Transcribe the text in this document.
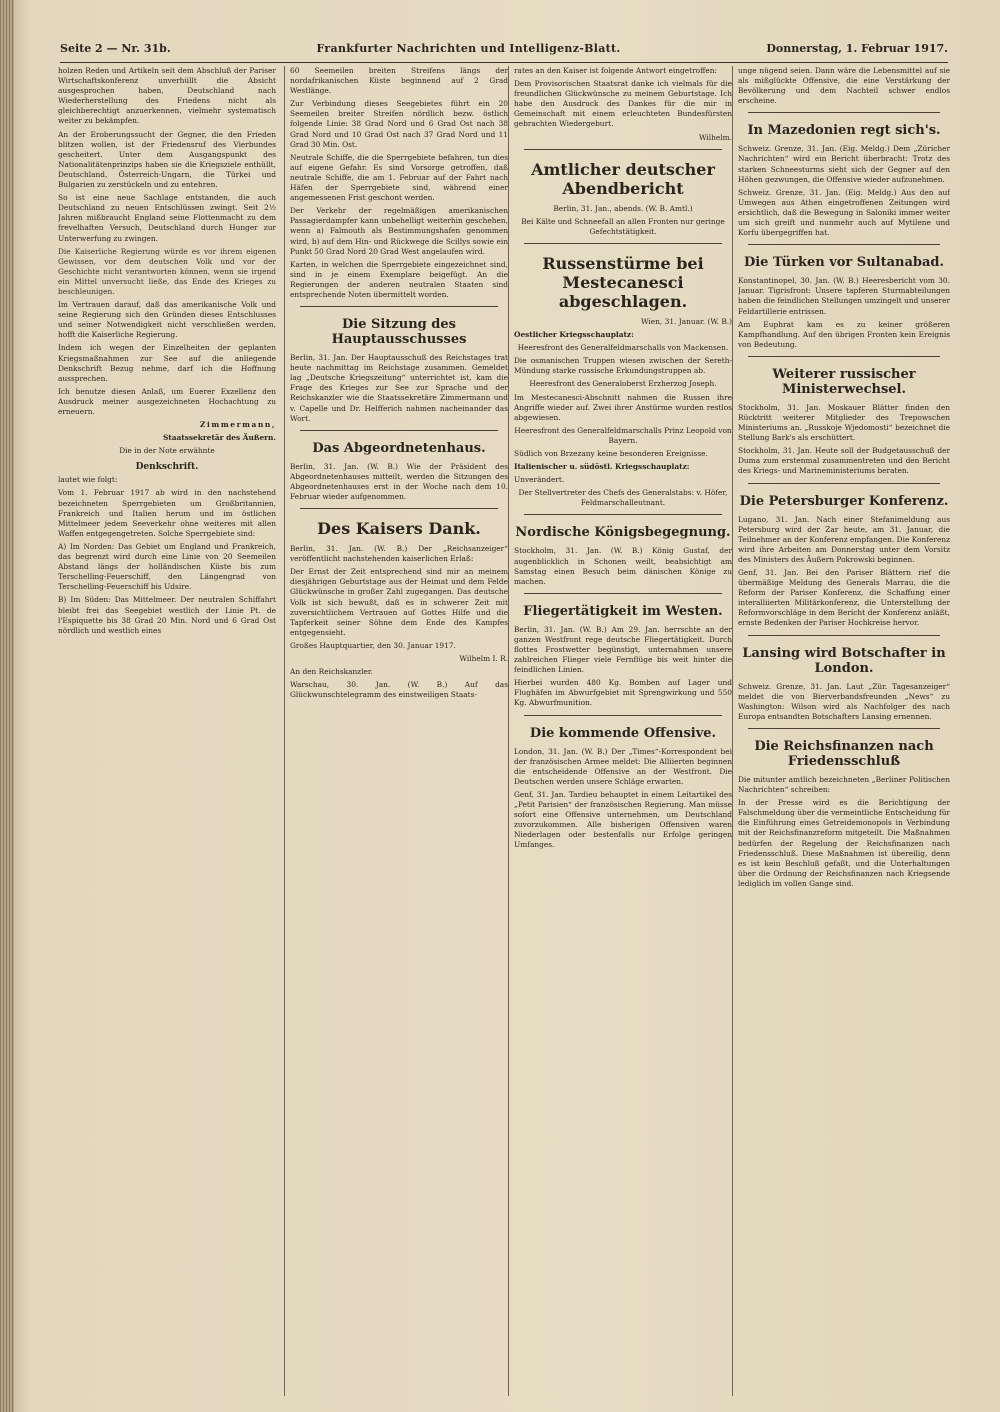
Seite 2 — Nr. 31b.	Frankfurter Nachrichten und Intelligenz-Blatt.	Donnerstag, 1. Februar 1917.

holzen Reden und Artikeln seit dem Abschluß der Pariser Wirtschaftskonferenz unverhüllt die Absicht ausgesprochen haben, Deutschland nach Wiederherstellung des Friedens nicht als gleichberechtigt anzuerkennen, vielmehr systematisch weiter zu bekämpfen.

An der Eroberungssucht der Gegner, die den Frieden blitzen wollen, ist der Friedensruf des Vierbundes gescheitert. Unter dem Ausgangspunkt des Nationalitätenprinzips haben sie die Kriegsziele enthüllt, Deutschland, Österreich-Ungarn, die Türkei und Bulgarien zu zerstückeln und zu entehren.

So ist eine neue Sachlage entstanden, die auch Deutschland zu neuen Entschlüssen zwingt. Seit 2½ Jahren mißbraucht England seine Flottenmacht zu dem frevelhaften Versuch, Deutschland durch Hunger zur Unterwerfung zu zwingen.

Die Kaiserliche Regierung würde es vor ihrem eigenen Gewissen, vor dem deutschen Volk und vor der Geschichte nicht verantworten können, wenn sie irgend ein Mittel unversucht ließe, das Ende des Krieges zu beschleunigen.

Im Vertrauen darauf, daß das amerikanische Volk und seine Regierung sich den Gründen dieses Entschlusses und seiner Notwendigkeit nicht verschließen werden, hofft die Kaiserliche Regierung.

Indem ich wegen der Einzelheiten der geplanten Kriegsmaßnahmen zur See auf die anliegende Denkschrift Bezug nehme, darf ich die Hoffnung aussprechen.

Ich benutze diesen Anlaß, um Euerer Exzellenz den Ausdruck meiner ausgezeichneten Hochachtung zu erneuern.

Zimmermann,

Staatssekretär des Äußern.

Die in der Note erwähnte

Denkschrift.

lautet wie folgt:

Vom 1. Februar 1917 ab wird in den nachstehend bezeichneten Sperrgebieten um Großbritannien, Frankreich und Italien herum und im östlichen Mittelmeer jedem Seeverkehr ohne weiteres mit allen Waffen entgegengetreten. Solche Sperrgebiete sind:

A) Im Norden: Das Gebiet um England und Frankreich, das begrenzt wird durch eine Linie von 20 Seemeilen Abstand längs der holländischen Küste bis zum Terschelling-Feuerschiff, den Längengrad von Terschelling-Feuerschiff bis Udsire.

B) Im Süden: Das Mittelmeer. Der neutralen Schiffahrt bleibt frei das Seegebiet westlich der Linie Pt. de l'Espiquette bis 38 Grad 20 Min. Nord und 6 Grad Ost nördlich und westlich eines

60 Seemeilen breiten Streifens längs der nordafrikanischen Küste beginnend auf 2 Grad Westlänge.

Zur Verbindung dieses Seegebietes führt ein 20 Seemeilen breiter Streifen nördlich bezw. östlich folgende Linie: 38 Grad Nord und 6 Grad Ost nach 38 Grad Nord und 10 Grad Ost nach 37 Grad Nord und 11 Grad 30 Min. Ost.

Neutrale Schiffe, die die Sperrgebiete befahren, tun dies auf eigene Gefahr. Es sind Vorsorge getroffen, daß neutrale Schiffe, die am 1. Februar auf der Fahrt nach Häfen der Sperrgebiete sind, während einer angemessenen Frist geschont werden.

Der Verkehr der regelmäßigen amerikanischen Passagierdampfer kann unbehelligt weiterhin geschehen, wenn a) Falmouth als Bestimmungshafen genommen wird, b) auf dem Hin- und Rückwege die Scillys sowie ein Punkt 50 Grad Nord 20 Grad West angelaufen wird.

Karten, in welchen die Sperrgebiete eingezeichnet sind, sind in je einem Exemplare beigefügt. An die Regierungen der anderen neutralen Staaten sind entsprechende Noten übermittelt worden.

Die Sitzung des Hauptausschusses

Berlin, 31. Jan. Der Hauptausschuß des Reichstages trat heute nachmittag im Reichstage zusammen. Gemeldet lag „Deutsche Kriegszeitung“ unterrichtet ist, kam die Frage des Krieges zur See zur Sprache und der Reichskanzler wie die Staatssekretäre Zimmermann und v. Capelle und Dr. Helfferich nahmen nacheinander das Wort.

Das Abgeordnetenhaus.

Berlin, 31. Jan. (W. B.) Wie der Präsident des Abgeordnetenhauses mitteilt, werden die Sitzungen des Abgeordnetenhauses erst in der Woche nach dem 10. Februar wieder aufgenommen.

Des Kaisers Dank.

Berlin, 31. Jan. (W. B.) Der „Reichsanzeiger“ veröffentlicht nachstehenden kaiserlichen Erlaß:

Der Ernst der Zeit entsprechend sind mir an meinem diesjährigen Geburtstage aus der Heimat und dem Felde Glückwünsche in großer Zahl zugegangen. Das deutsche Volk ist sich bewußt, daß es in schwerer Zeit mit zuversichtlichem Vertrauen auf Gottes Hilfe und die Tapferkeit seiner Söhne dem Ende des Kampfes entgegensieht.

Großes Hauptquartier, den 30. Januar 1917.

Wilhelm I. R.

An den Reichskanzler.

Warschau, 30. Jan. (W. B.) Auf das Glückwunschtelegramm des einstweiligen Staats-

rates an den Kaiser ist folgende Antwort eingetroffen:

Dem Provisorischen Staatsrat danke ich vielmals für die freundlichen Glückwünsche zu meinem Geburtstage. Ich habe den Ausdruck des Dankes für die mir in Gemeinschaft mit einem erleuchteten Bundesfürsten gebrachten Wiedergeburt.

Wilhelm.

Amtlicher deutscher Abendbericht

Berlin, 31. Jan., abends. (W. B. Amtl.)

Bei Kälte und Schneefall an allen Fronten nur geringe Gefechtstätigkeit.

Russenstürme bei Mestecanesci abgeschlagen.

Wien, 31. Januar. (W. B.)

Oestlicher Kriegsschauplatz:

Heeresfront des Generalfeldmarschalls von Mackensen.

Die osmanischen Truppen wiesen zwischen der Sereth-Mündung starke russische Erkundungstruppen ab.

Heeresfront des Generaloberst Erzherzog Joseph.

Im Mestecanesci-Abschnitt nahmen die Russen ihre Angriffe wieder auf. Zwei ihrer Anstürme wurden restlos abgewiesen.

Heeresfront des Generalfeldmarschalls Prinz Leopold von Bayern.

Südlich von Brzezany keine besonderen Ereignisse.

Italienischer u. südöstl. Kriegsschauplatz:

Unverändert.

Der Stellvertreter des Chefs des Generalstabs: v. Höfer, Feldmarschalleutnant.

Nordische Königsbegegnung.

Stockholm, 31. Jan. (W. B.) König Gustaf, der augenblicklich in Schonen weilt, beabsichtigt am Samstag einen Besuch beim dänischen Könige zu machen.

Fliegertätigkeit im Westen.

Berlin, 31. Jan. (W. B.) Am 29. Jan. herrschte an der ganzen Westfront rege deutsche Fliegertätigkeit. Durch flottes Frostwetter begünstigt, unternahmen unsere zahlreichen Flieger viele Fernflüge bis weit hinter die feindlichen Linien.

Hierbei wurden 480 Kg. Bomben auf Lager und Flughäfen im Abwurfgebiet mit Sprengwirkung und 550 Kg. Abwurfmunition.

Die kommende Offensive.

London, 31. Jan. (W. B.) Der „Times“-Korrespondent bei der französischen Armee meldet: Die Alliierten beginnen die entscheidende Offensive an der Westfront. Die Deutschen werden unsere Schläge erwarten.

Genf, 31. Jan. Tardieu behauptet in einem Leitartikel des „Petit Parisien“ der französischen Regierung. Man müsse sofort eine Offensive unternehmen, um Deutschland zuvorzukommen. Alle bisherigen Offensiven waren Niederlagen oder bestenfalls nur Erfolge geringen Umfanges.

unge nügend seien. Dann wäre die Lebensmittel auf sie als mißglückte Offensive, die eine Verstärkung der Bevölkerung und dem Nachteil schwer endlos erscheine.

In Mazedonien regt sich's.

Schweiz. Grenze, 31. Jan. (Eig. Meldg.) Dem „Züricher Nachrichten“ wird ein Bericht überbracht: Trotz des starken Schneesturms sieht sich der Gegner auf den Höhen gezwungen, die Offensive wieder aufzunehmen.

Schweiz. Grenze, 31. Jan. (Eig. Meldg.) Aus den auf Umwegen aus Athen eingetroffenen Zeitungen wird ersichtlich, daß die Bewegung in Saloniki immer weiter um sich greift und nunmehr auch auf Mytilene und Korfu übergegriffen hat.

Die Türken vor Sultanabad.

Konstantinopel, 30. Jan. (W. B.) Heeresbericht vom 30. Januar. Tigrisfront: Unsere tapferen Sturmabteilungen haben die feindlichen Stellungen umzingelt und unserer Feldartillerie entrissen.

Am Euphrat kam es zu keiner größeren Kampfhandlung. Auf den übrigen Fronten kein Ereignis von Bedeutung.

Weiterer russischer Ministerwechsel.

Stockholm, 31. Jan. Moskauer Blätter finden den Rücktritt weiterer Mitglieder des Trepowschen Ministeriums an. „Russkoje Wjedomosti“ bezeichnet die Stellung Bark's als erschüttert.

Stockholm, 31. Jan. Heute soll der Budgetausschuß der Duma zum erstenmal zusammentreten und den Bericht des Kriegs- und Marineministeriums beraten.

Die Petersburger Konferenz.

Lugano, 31. Jan. Nach einer Stefanimeldung aus Petersburg wird der Zar heute, am 31. Januar, die Teilnehmer an der Konferenz empfangen. Die Konferenz wird ihre Arbeiten am Donnerstag unter dem Vorsitz des Ministers des Äußern Pokrowski beginnen.

Genf, 31. Jan. Bei den Pariser Blättern rief die übermäßige Meldung des Generals Marrau, die die Reform der Pariser Konferenz, die Schaffung einer interalliierten Militärkonferenz, die Unterstellung der Reformvorschläge in dem Bericht der Konferenz anläßt, ernste Bedenken der Pariser Hochkreise hervor.

Lansing wird Botschafter in London.

Schweiz. Grenze, 31. Jan. Laut „Zür. Tagesanzeiger“ meldet die von Bierverbandsfreunden „News“ zu Washington: Wilson wird als Nachfolger des nach Europa entsandten Botschafters Lansing ernennen.

Die Reichsfinanzen nach Friedensschluß

Die mitunter amtlich bezeichneten „Berliner Politischen Nachrichten“ schreiben:

In der Presse wird es die Berichtigung der Falschmeldung über die vermeintliche Entscheidung für die Einführung eines Getreidemonopols in Verbindung mit der Reichsfinanzreform mitgeteilt. Die Maßnahmen bedürfen der Regelung der Reichsfinanzen nach Friedensschluß. Diese Maßnahmen ist übereilig, denn es ist kein Beschluß gefaßt, und die Unterhaltungen über die Ordnung der Reichsfinanzen nach Kriegsende lediglich im vollen Gange sind.
